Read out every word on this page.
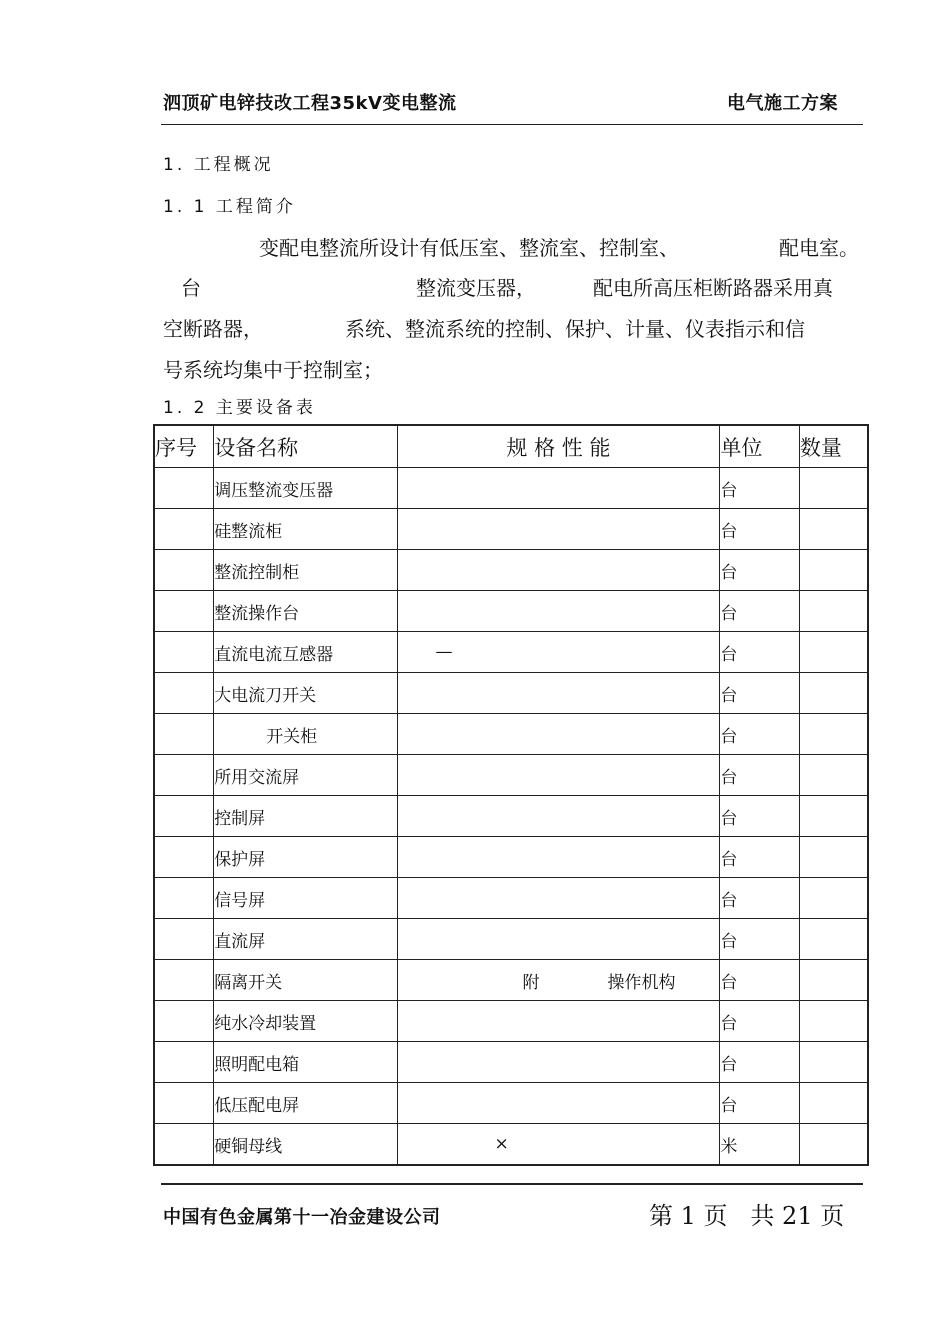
泗顶矿电锌技改工程35kV变电整流	电气施工方案
1. 工程概况
1. 1 工程简介
变配电整流所设计有低压室、整流室、控制室、	配电室。
台	整流变压器，	配电所高压柜断路器采用真
空断路器，	系统、整流系统的控制、保护、计量、仪表指示和信
号系统均集中于控制室；
1. 2 主要设备表
序号	设备名称	规 格 性 能	单位	数量
	调压整流变压器		台	
	硅整流柜		台	
	整流控制柜		台	
	整流操作台		台	
	直流电流互感器	—	台	
	大电流刀开关		台	
	开关柜		台	
	所用交流屏		台	
	控制屏		台	
	保护屏		台	
	信号屏		台	
	直流屏		台	
	隔离开关	附 操作机构	台	
	纯水冷却装置		台	
	照明配电箱		台	
	低压配电屏		台	
	硬铜母线	×	米	
中国有色金属第十一冶金建设公司	第 1 页 共 21 页
